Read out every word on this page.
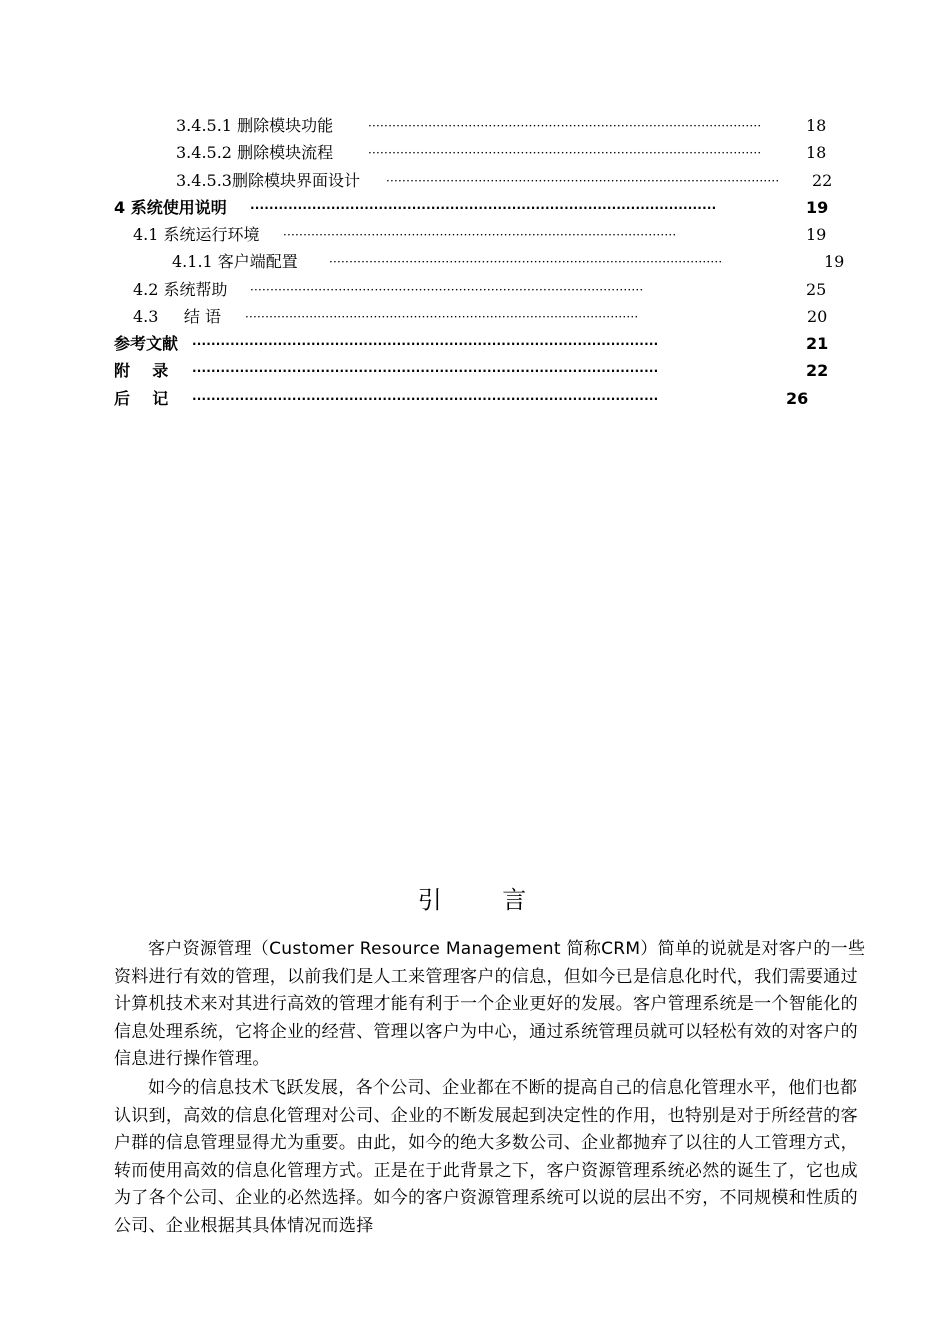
3.4.5.1 删除模块功能	··································································································	18
3.4.5.2 删除模块流程	··································································································	18
3.4.5.3删除模块界面设计 ··································································································	22
4 系统使用说明 ··································································································	19
4.1 系统运行环境 ··································································································	19
4.1.1 客户端配置	··································································································	19
4.2 系统帮助 ··································································································	25
4.3     结 语 ··································································································	20
参考文献 ··································································································	21
附    录 ··································································································	22
后    记 ··································································································	26
引    言
客户资源管理（Customer Resource Management 简称CRM）简单的说就是对客户的一些资料进行有效的管理，以前我们是人工来管理客户的信息，但如今已是信息化时代，我们需要通过计算机技术来对其进行高效的管理才能有利于一个企业更好的发展。客户管理系统是一个智能化的信息处理系统，它将企业的经营、管理以客户为中心，通过系统管理员就可以轻松有效的对客户的信息进行操作管理。
如今的信息技术飞跃发展，各个公司、企业都在不断的提高自己的信息化管理水平，他们也都认识到，高效的信息化管理对公司、企业的不断发展起到决定性的作用，也特别是对于所经营的客户群的信息管理显得尤为重要。由此，如今的绝大多数公司、企业都抛弃了以往的人工管理方式，转而使用高效的信息化管理方式。正是在于此背景之下，客户资源管理系统必然的诞生了，它也成为了各个公司、企业的必然选择。如今的客户资源管理系统可以说的层出不穷，不同规模和性质的公司、企业根据其具体情况而选择
